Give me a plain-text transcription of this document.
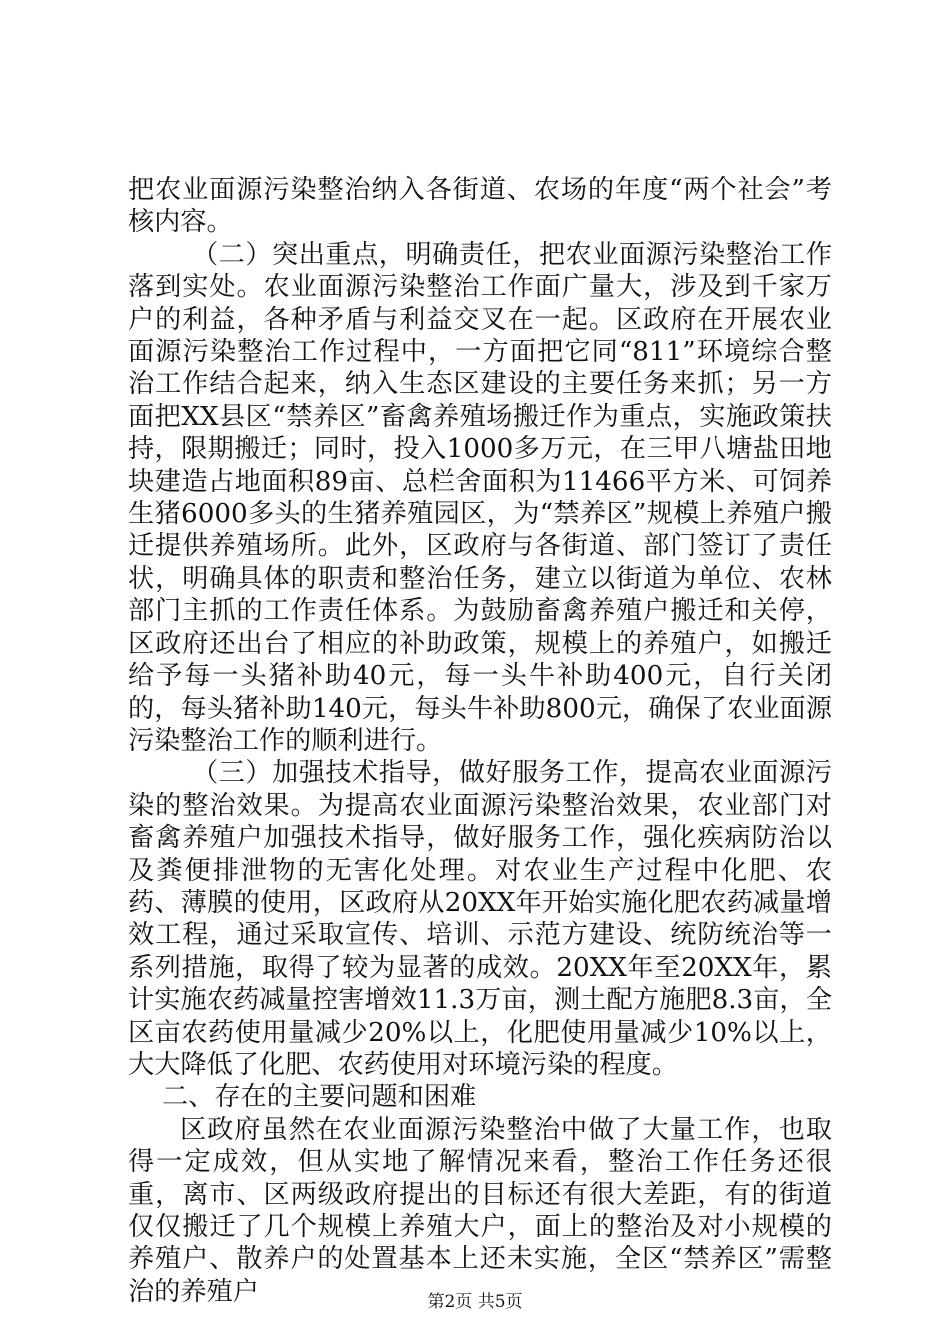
把农业面源污染整治纳入各街道、农场的年度“两个社会”考核内容。

（二）突出重点，明确责任，把农业面源污染整治工作落到实处。农业面源污染整治工作面广量大，涉及到千家万户的利益，各种矛盾与利益交叉在一起。区政府在开展农业面源污染整治工作过程中，一方面把它同“811”环境综合整治工作结合起来，纳入生态区建设的主要任务来抓；另一方面把XX县区“禁养区”畜禽养殖场搬迁作为重点，实施政策扶持，限期搬迁；同时，投入1000多万元，在三甲八塘盐田地块建造占地面积89亩、总栏舍面积为11466平方米、可饲养生猪6000多头的生猪养殖园区，为“禁养区”规模上养殖户搬迁提供养殖场所。此外，区政府与各街道、部门签订了责任状，明确具体的职责和整治任务，建立以街道为单位、农林部门主抓的工作责任体系。为鼓励畜禽养殖户搬迁和关停，区政府还出台了相应的补助政策，规模上的养殖户，如搬迁给予每一头猪补助40元，每一头牛补助400元，自行关闭的，每头猪补助140元，每头牛补助800元，确保了农业面源污染整治工作的顺利进行。

（三）加强技术指导，做好服务工作，提高农业面源污染的整治效果。为提高农业面源污染整治效果，农业部门对畜禽养殖户加强技术指导，做好服务工作，强化疾病防治以及粪便排泄物的无害化处理。对农业生产过程中化肥、农药、薄膜的使用，区政府从20XX年开始实施化肥农药减量增效工程，通过采取宣传、培训、示范方建设、统防统治等一系列措施，取得了较为显著的成效。20XX年至20XX年，累计实施农药减量控害增效11.3万亩，测土配方施肥8.3亩，全区亩农药使用量减少20%以上，化肥使用量减少10%以上，大大降低了化肥、农药使用对环境污染的程度。

二、存在的主要问题和困难

区政府虽然在农业面源污染整治中做了大量工作，也取得一定成效，但从实地了解情况来看，整治工作任务还很重，离市、区两级政府提出的目标还有很大差距，有的街道仅仅搬迁了几个规模上养殖大户，面上的整治及对小规模的养殖户、散养户的处置基本上还未实施，全区“禁养区”需整治的养殖户	第2页 共5页
